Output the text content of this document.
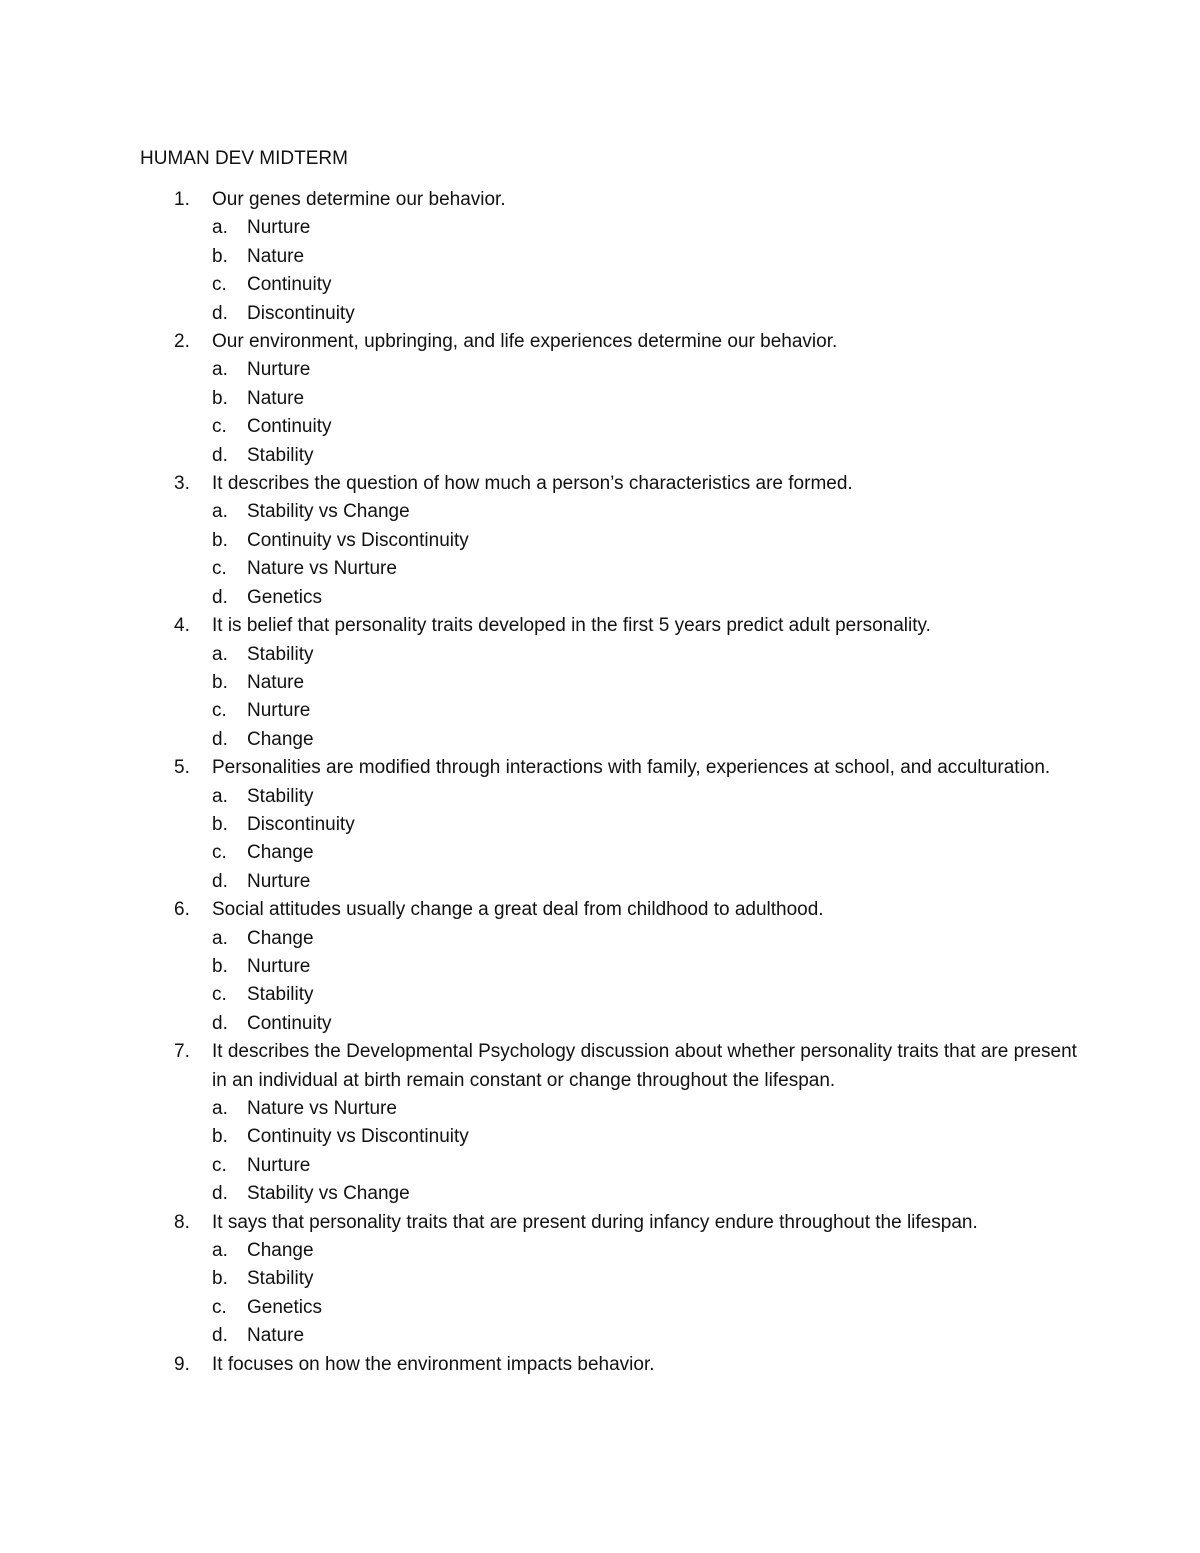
HUMAN DEV MIDTERM
1. Our genes determine our behavior.
a. Nurture
b. Nature
c. Continuity
d. Discontinuity
2. Our environment, upbringing, and life experiences determine our behavior.
a. Nurture
b. Nature
c. Continuity
d. Stability
3. It describes the question of how much a person’s characteristics are formed.
a. Stability vs Change
b. Continuity vs Discontinuity
c. Nature vs Nurture
d. Genetics
4. It is belief that personality traits developed in the first 5 years predict adult personality.
a. Stability
b. Nature
c. Nurture
d. Change
5. Personalities are modified through interactions with family, experiences at school, and acculturation.
a. Stability
b. Discontinuity
c. Change
d. Nurture
6. Social attitudes usually change a great deal from childhood to adulthood.
a. Change
b. Nurture
c. Stability
d. Continuity
7. It describes the Developmental Psychology discussion about whether personality traits that are present in an individual at birth remain constant or change throughout the lifespan.
a. Nature vs Nurture
b. Continuity vs Discontinuity
c. Nurture
d. Stability vs Change
8. It says that personality traits that are present during infancy endure throughout the lifespan.
a. Change
b. Stability
c. Genetics
d. Nature
9. It focuses on how the environment impacts behavior.
